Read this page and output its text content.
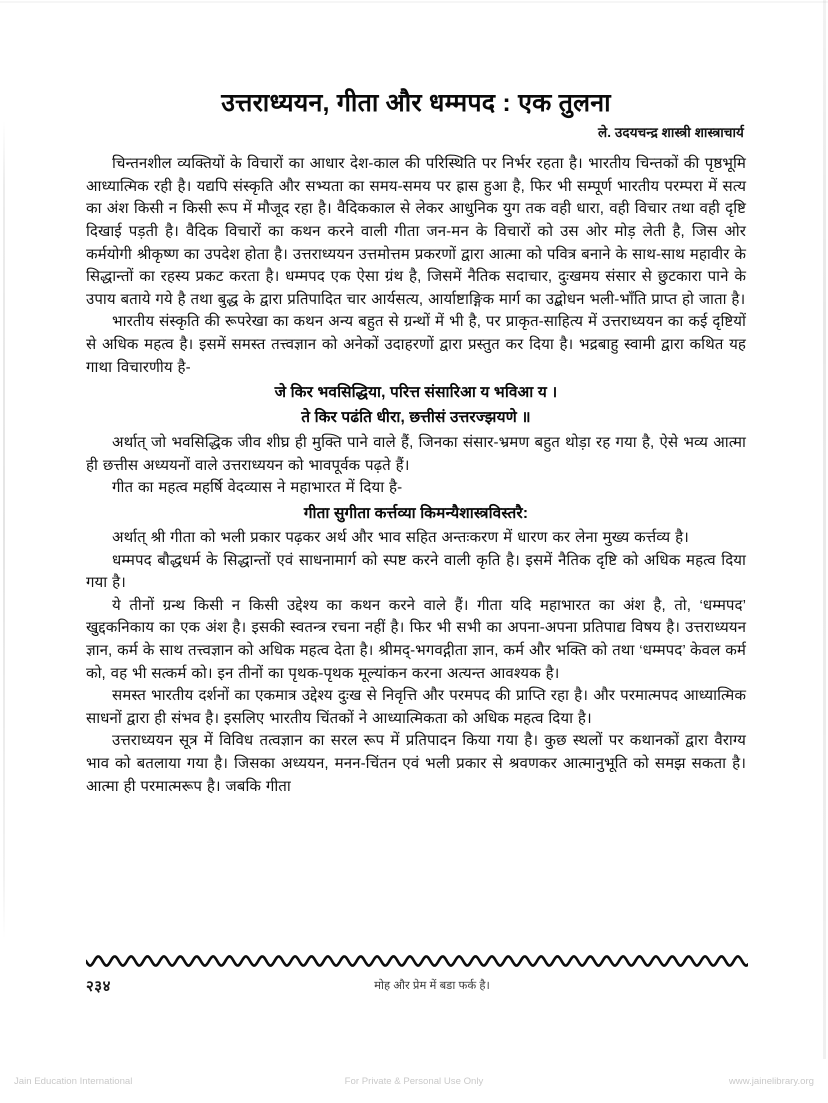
उत्तराध्ययन, गीता और धम्मपद : एक तुलना
ले. उदयचन्द्र शास्त्री शास्त्राचार्य

चिन्तनशील व्यक्तियों के विचारों का आधार देश-काल की परिस्थिति पर निर्भर रहता है। भारतीय चिन्तकों की पृष्ठभूमि आध्यात्मिक रही है। यद्यपि संस्कृति और सभ्यता का समय-समय पर ह्रास हुआ है, फिर भी सम्पूर्ण भारतीय परम्परा में सत्य का अंश किसी न किसी रूप में मौजूद रहा है। वैदिककाल से लेकर आधुनिक युग तक वही धारा, वही विचार तथा वही दृष्टि दिखाई पड़ती है। वैदिक विचारों का कथन करने वाली गीता जन-मन के विचारों को उस ओर मोड़ लेती है, जिस ओर कर्मयोगी श्रीकृष्ण का उपदेश होता है। उत्तराध्ययन उत्तमोत्तम प्रकरणों द्वारा आत्मा को पवित्र बनाने के साथ-साथ महावीर के सिद्धान्तों का रहस्य प्रकट करता है। धम्मपद एक ऐसा ग्रंथ है, जिसमें नैतिक सदाचार, दुःखमय संसार से छुटकारा पाने के उपाय बताये गये है तथा बुद्ध के द्वारा प्रतिपादित चार आर्यसत्य, आर्याष्टाङ्गिक मार्ग का उद्बोधन भली-भाँति प्राप्त हो जाता है।

भारतीय संस्कृति की रूपरेखा का कथन अन्य बहुत से ग्रन्थों में भी है, पर प्राकृत-साहित्य में उत्तराध्ययन का कई दृष्टियों से अधिक महत्व है। इसमें समस्त तत्त्वज्ञान को अनेकों उदाहरणों द्वारा प्रस्तुत कर दिया है। भद्रबाहु स्वामी द्वारा कथित यह गाथा विचारणीय है-

जे किर भवसिद्धिया, परित्त संसारिआ य भविआ य ।
ते किर पढंति धीरा, छत्तीसं उत्तरज्झयणे ॥

अर्थात् जो भवसिद्धिक जीव शीघ्र ही मुक्ति पाने वाले हैं, जिनका संसार-भ्रमण बहुत थोड़ा रह गया है, ऐसे भव्य आत्मा ही छत्तीस अध्ययनों वाले उत्तराध्ययन को भावपूर्वक पढ़ते हैं।

गीत का महत्व महर्षि वेदव्यास ने महाभारत में दिया है-

गीता सुगीता कर्त्तव्या किमन्यैशास्त्रविस्तरै:

अर्थात् श्री गीता को भली प्रकार पढ़कर अर्थ और भाव सहित अन्तःकरण में धारण कर लेना मुख्य कर्त्तव्य है।

धम्मपद बौद्धधर्म के सिद्धान्तों एवं साधनामार्ग को स्पष्ट करने वाली कृति है। इसमें नैतिक दृष्टि को अधिक महत्व दिया गया है।

ये तीनों ग्रन्थ किसी न किसी उद्देश्य का कथन करने वाले हैं। गीता यदि महाभारत का अंश है, तो, ‘धम्मपद’ खुद्दकनिकाय का एक अंश है। इसकी स्वतन्त्र रचना नहीं है। फिर भी सभी का अपना-अपना प्रतिपाद्य विषय है। उत्तराध्ययन ज्ञान, कर्म के साथ तत्त्वज्ञान को अधिक महत्व देता है। श्रीमद्-भगवद्गीता ज्ञान, कर्म और भक्ति को तथा ‘धम्मपद’ केवल कर्म को, वह भी सत्कर्म को। इन तीनों का पृथक-पृथक मूल्यांकन करना अत्यन्त आवश्यक है।

समस्त भारतीय दर्शनों का एकमात्र उद्देश्य दुःख से निवृत्ति और परमपद की प्राप्ति रहा है। और परमात्मपद आध्यात्मिक साधनों द्वारा ही संभव है। इसलिए भारतीय चिंतकों ने आध्यात्मिकता को अधिक महत्व दिया है।

उत्तराध्ययन सूत्र में विविध तत्वज्ञान का सरल रूप में प्रतिपादन किया गया है। कुछ स्थलों पर कथानकों द्वारा वैराग्य भाव को बतलाया गया है। जिसका अध्ययन, मनन-चिंतन एवं भली प्रकार से श्रवणकर आत्मानुभूति को समझ सकता है। आत्मा ही परमात्मरूप है। जबकि गीता

२३४	मोह और प्रेम में बडा फर्क है।
Jain Education International	For Private & Personal Use Only	www.jainelibrary.org
